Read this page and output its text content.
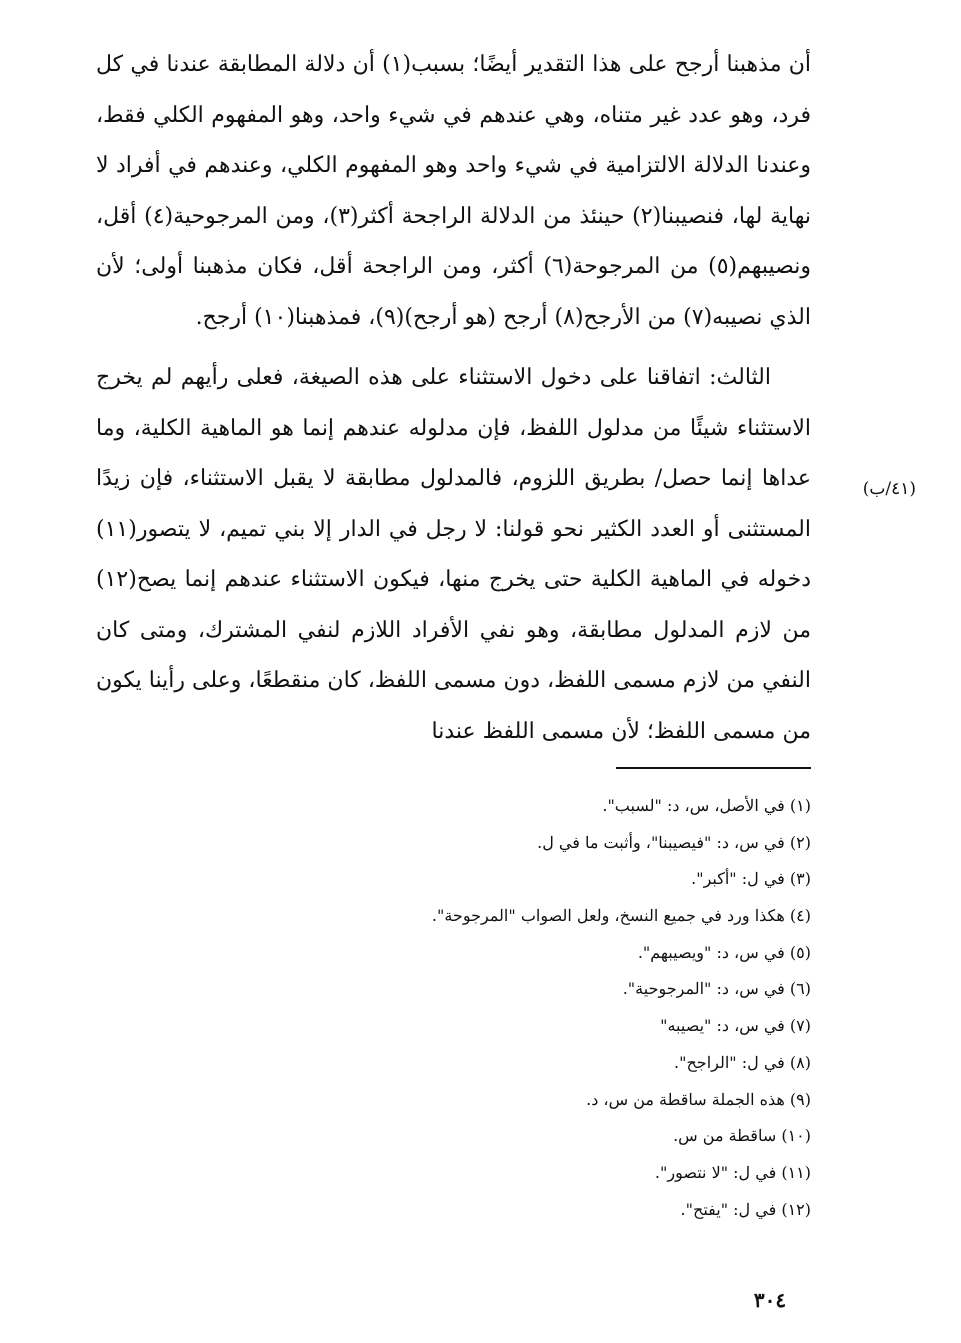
أن مذهبنا أرجح على هذا التقدير أيضًا؛ بسبب(١) أن دلالة المطابقة عندنا في كل فرد، وهو عدد غير متناه، وهي عندهم في شيء واحد، وهو المفهوم الكلي فقط، وعندنا الدلالة الالتزامية في شيء واحد وهو المفهوم الكلي، وعندهم في أفراد لا نهاية لها، فنصيبنا(٢) حينئذ من الدلالة الراجحة أكثر(٣)، ومن المرجوحية(٤) أقل، ونصيبهم(٥) من المرجوحة(٦) أكثر، ومن الراجحة أقل، فكان مذهبنا أولى؛ لأن الذي نصيبه(٧) من الأرجح(٨) أرجح (هو أرجح)(٩)، فمذهبنا(١٠) أرجح.

الثالث: اتفاقنا على دخول الاستثناء على هذه الصيغة، فعلى رأيهم لم يخرج الاستثناء شيئًا من مدلول اللفظ، فإن مدلوله عندهم إنما هو الماهية الكلية، وما عداها إنما حصل/ بطريق اللزوم، فالمدلول مطابقة لا يقبل الاستثناء، فإن زيدًا المستثنى أو العدد الكثير نحو قولنا: لا رجل في الدار إلا بني تميم، لا يتصور(١١) دخوله في الماهية الكلية حتى يخرج منها، فيكون الاستثناء عندهم إنما يصح(١٢) من لازم المدلول مطابقة، وهو نفي الأفراد اللازم لنفي المشترك، ومتى كان النفي من لازم مسمى اللفظ، دون مسمى اللفظ، كان منقطعًا، وعلى رأينا يكون من مسمى اللفظ؛ لأن مسمى اللفظ عندنا

(٤١/ب)
(١) في الأصل، س، د: "لسبب".
(٢) في س، د: "فيصيبنا"، وأثبت ما في ل.
(٣) في ل: "أكبر".
(٤) هكذا ورد في جميع النسخ، ولعل الصواب "المرجوحة".
(٥) في س، د: "ويصيبهم".
(٦) في س، د: "المرجوحية".
(٧) في س، د: "يصيبه"
(٨) في ل: "الراجح".
(٩) هذه الجملة ساقطة من س، د.
(١٠) ساقطة من س.
(١١) في ل: "لا نتصور".
(١٢) في ل: "يفتح".
٣٠٤
